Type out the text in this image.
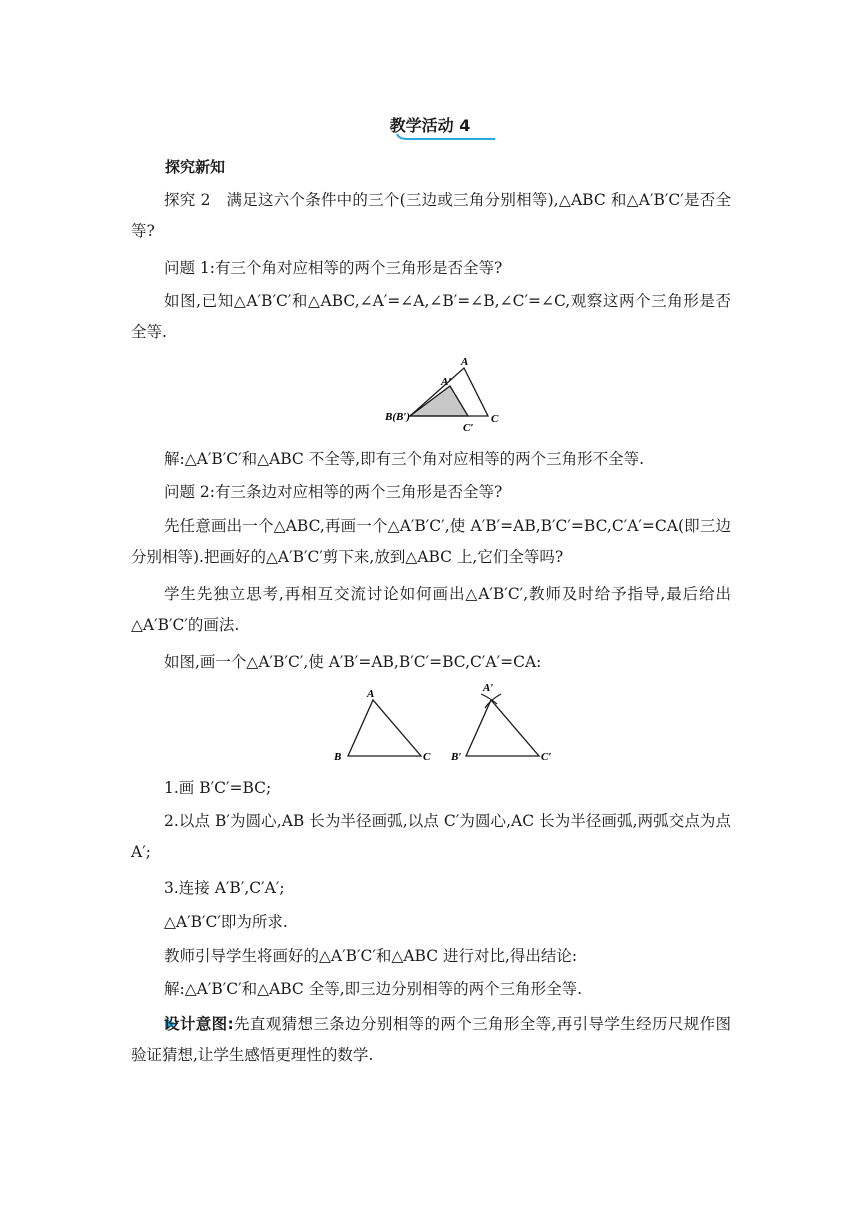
教学活动 4
探究新知

探究 2　满足这六个条件中的三个(三边或三角分别相等),△ABC 和△A′B′C′是否全等?

问题 1:有三个角对应相等的两个三角形是否全等?

如图,已知△A′B′C′和△ABC,∠A′=∠A,∠B′=∠B,∠C′=∠C,观察这两个三角形是否全等.

A
A′
B(B′)	C
C′

解:△A′B′C′和△ABC 不全等,即有三个角对应相等的两个三角形不全等.

问题 2:有三条边对应相等的两个三角形是否全等?

先任意画出一个△ABC,再画一个△A′B′C′,使 A′B′=AB,B′C′=BC,C′A′=CA(即三边分别相等).把画好的△A′B′C′剪下来,放到△ABC 上,它们全等吗?

学生先独立思考,再相互交流讨论如何画出△A′B′C′,教师及时给予指导,最后给出△A′B′C′的画法.

如图,画一个△A′B′C′,使 A′B′=AB,B′C′=BC,C′A′=CA:

A
B	C
A′
B′	C′

1.画 B′C′=BC;

2.以点 B′为圆心,AB 长为半径画弧,以点 C′为圆心,AC 长为半径画弧,两弧交点为点 A′;

3.连接 A′B′,C′A′;

△A′B′C′即为所求.

教师引导学生将画好的△A′B′C′和△ABC 进行对比,得出结论:

解:△A′B′C′和△ABC 全等,即三边分别相等的两个三角形全等.

设计意图:先直观猜想三条边分别相等的两个三角形全等,再引导学生经历尺规作图验证猜想,让学生感悟更理性的数学.
